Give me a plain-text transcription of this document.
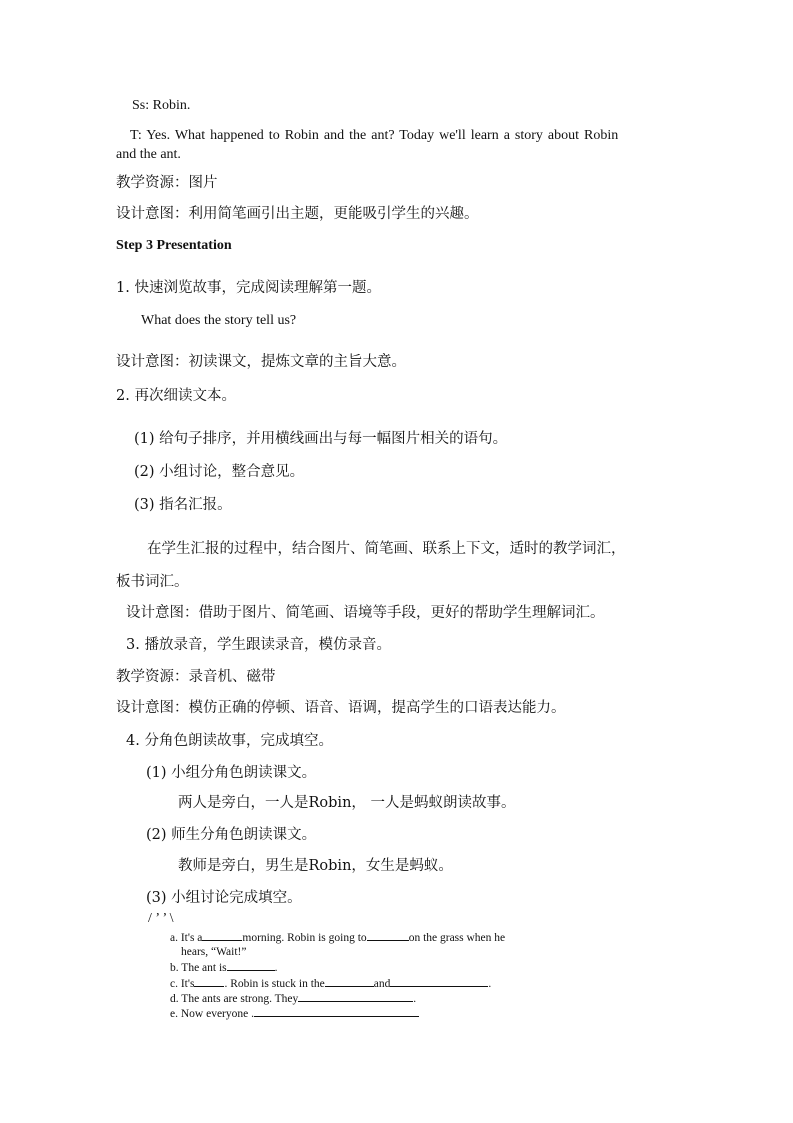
Ss: Robin.
T: Yes. What happened to Robin and the ant? Today we'll learn a story about Robin
and the ant.
教学资源：图片
设计意图：利用简笔画引出主题，更能吸引学生的兴趣。
Step 3 Presentation
1. 快速浏览故事，完成阅读理解第一题。
What does the story tell us?
设计意图：初读课文，提炼文章的主旨大意。
2. 再次细读文本。
(1) 给句子排序，并用横线画出与每一幅图片相关的语句。
(2) 小组讨论，整合意见。
(3) 指名汇报。
在学生汇报的过程中，结合图片、简笔画、联系上下文，适时的教学词汇，
板书词汇。
设计意图：借助于图片、简笔画、语境等手段，更好的帮助学生理解词汇。
3. 播放录音，学生跟读录音，模仿录音。
教学资源：录音机、磁带
设计意图：模仿正确的停顿、语音、语调，提高学生的口语表达能力。
4. 分角色朗读故事，完成填空。
(1) 小组分角色朗读课文。
两人是旁白，一人是Robin， 一人是蚂蚁朗读故事。
(2) 师生分角色朗读课文。
教师是旁白，男生是Robin，女生是蚂蚁。
(3) 小组讨论完成填空。
/ ’ ’ \
a. It's a	morning. Robin is going to	on the grass when he
hears, “Wait!”
b. The ant is	.
c. It's	. Robin is stuck in the	and	.
d. The ants are strong. They	.
e. Now everyone .
